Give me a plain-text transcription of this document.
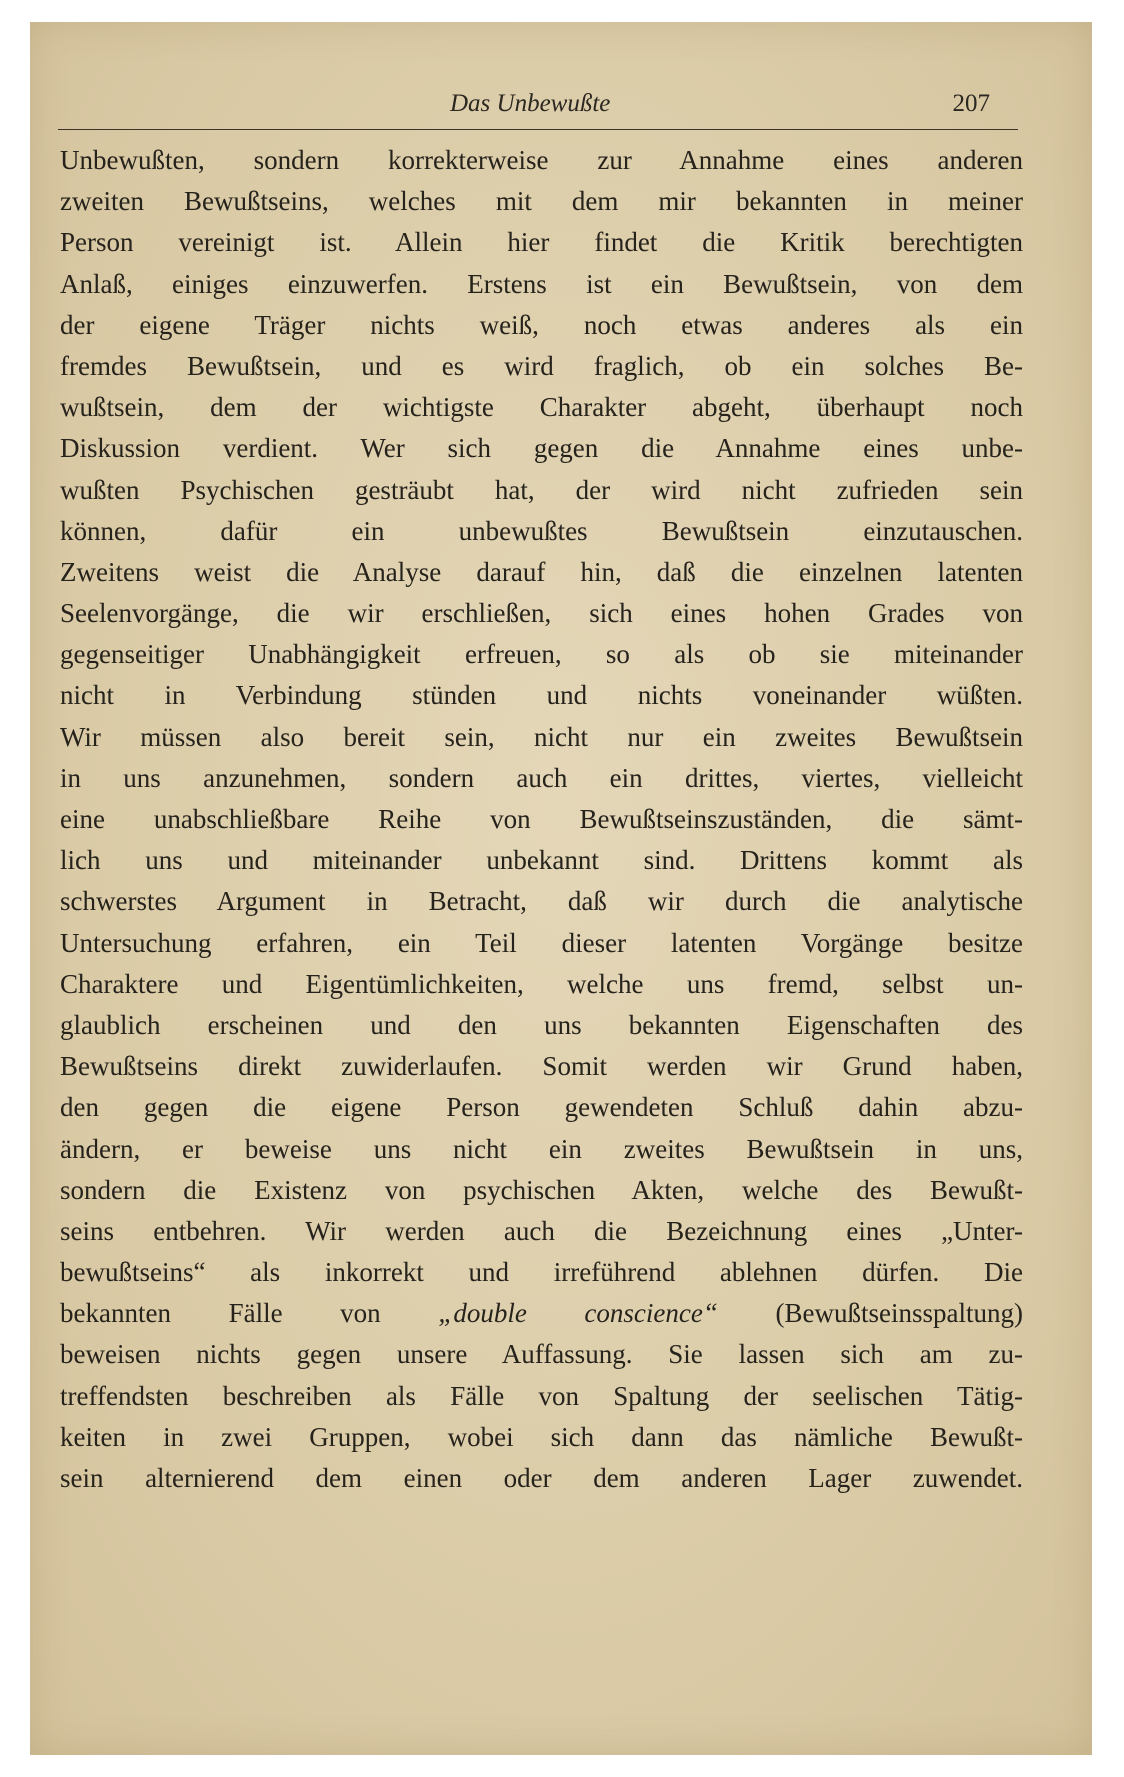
Das Unbewußte	207
Unbewußten, sondern korrekterweise zur Annahme eines anderen
zweiten Bewußtseins, welches mit dem mir bekannten in meiner
Person vereinigt ist. Allein hier findet die Kritik berechtigten
Anlaß, einiges einzuwerfen. Erstens ist ein Bewußtsein, von dem
der eigene Träger nichts weiß, noch etwas anderes als ein
fremdes Bewußtsein, und es wird fraglich, ob ein solches Be-
wußtsein, dem der wichtigste Charakter abgeht, überhaupt noch
Diskussion verdient. Wer sich gegen die Annahme eines unbe-
wußten Psychischen gesträubt hat, der wird nicht zufrieden sein
können, dafür ein unbewußtes Bewußtsein einzutauschen.
Zweitens weist die Analyse darauf hin, daß die einzelnen latenten
Seelenvorgänge, die wir erschließen, sich eines hohen Grades von
gegenseitiger Unabhängigkeit erfreuen, so als ob sie miteinander
nicht in Verbindung stünden und nichts voneinander wüßten.
Wir müssen also bereit sein, nicht nur ein zweites Bewußtsein
in uns anzunehmen, sondern auch ein drittes, viertes, vielleicht
eine unabschließbare Reihe von Bewußtseinszuständen, die sämt-
lich uns und miteinander unbekannt sind. Drittens kommt als
schwerstes Argument in Betracht, daß wir durch die analytische
Untersuchung erfahren, ein Teil dieser latenten Vorgänge besitze
Charaktere und Eigentümlichkeiten, welche uns fremd, selbst un-
glaublich erscheinen und den uns bekannten Eigenschaften des
Bewußtseins direkt zuwiderlaufen. Somit werden wir Grund haben,
den gegen die eigene Person gewendeten Schluß dahin abzu-
ändern, er beweise uns nicht ein zweites Bewußtsein in uns,
sondern die Existenz von psychischen Akten, welche des Bewußt-
seins entbehren. Wir werden auch die Bezeichnung eines „Unter-
bewußtseins“ als inkorrekt und irreführend ablehnen dürfen. Die
bekannten Fälle von „double conscience“ (Bewußtseinsspaltung)
beweisen nichts gegen unsere Auffassung. Sie lassen sich am zu-
treffendsten beschreiben als Fälle von Spaltung der seelischen Tätig-
keiten in zwei Gruppen, wobei sich dann das nämliche Bewußt-
sein alternierend dem einen oder dem anderen Lager zuwendet.
